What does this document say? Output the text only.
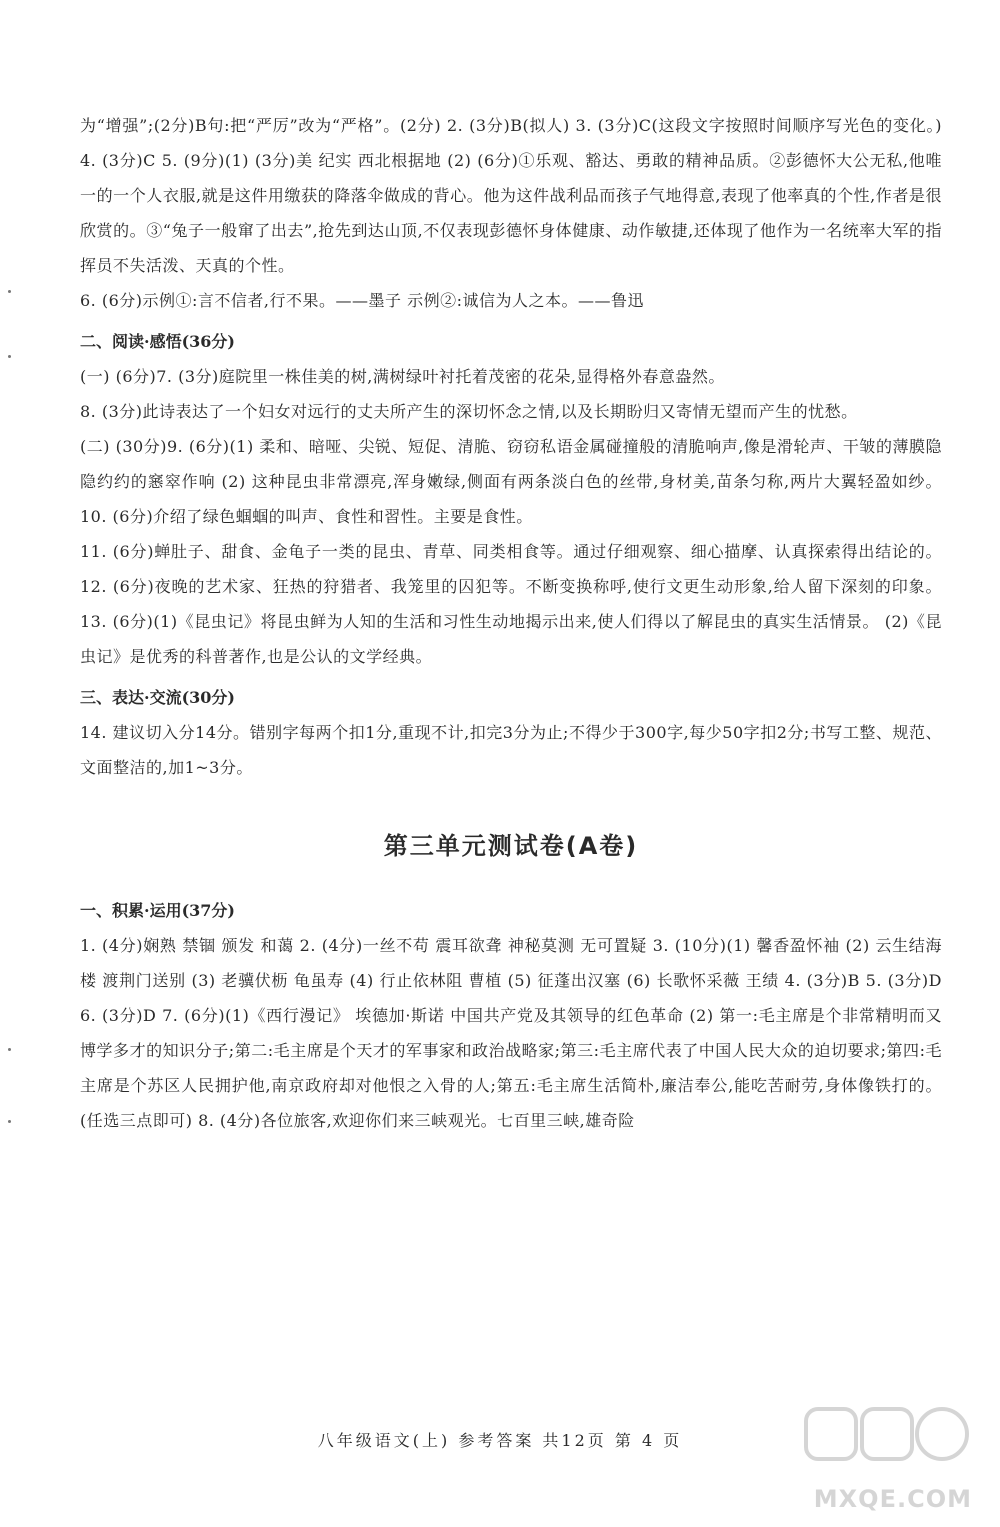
为“增强”;(2分)B句:把“严厉”改为“严格”。(2分) 2. (3分)B(拟人) 3. (3分)C(这段文字按照时间顺序写光色的变化。) 4. (3分)C 5. (9分)(1) (3分)美 纪实 西北根据地 (2) (6分)①乐观、豁达、勇敢的精神品质。②彭德怀大公无私,他唯一的一个人衣服,就是这件用缴获的降落伞做成的背心。他为这件战利品而孩子气地得意,表现了他率真的个性,作者是很欣赏的。③“兔子一般窜了出去”,抢先到达山顶,不仅表现彭德怀身体健康、动作敏捷,还体现了他作为一名统率大军的指挥员不失活泼、天真的个性。

6. (6分)示例①:言不信者,行不果。——墨子 示例②:诚信为人之本。——鲁迅

二、阅读·感悟(36分)

(一) (6分)7. (3分)庭院里一株佳美的树,满树绿叶衬托着茂密的花朵,显得格外春意盎然。

8. (3分)此诗表达了一个妇女对远行的丈夫所产生的深切怀念之情,以及长期盼归又寄情无望而产生的忧愁。

(二) (30分)9. (6分)(1) 柔和、暗哑、尖锐、短促、清脆、窃窃私语金属碰撞般的清脆响声,像是滑轮声、干皱的薄膜隐隐约约的窸窣作响 (2) 这种昆虫非常漂亮,浑身嫩绿,侧面有两条淡白色的丝带,身材美,苗条匀称,两片大翼轻盈如纱。 10. (6分)介绍了绿色蝈蝈的叫声、食性和習性。主要是食性。

11. (6分)蝉肚子、甜食、金龟子一类的昆虫、青草、同类相食等。通过仔细观察、细心描摩、认真探索得出结论的。 12. (6分)夜晚的艺术家、狂热的狩猎者、我笼里的囚犯等。不断变换称呼,使行文更生动形象,给人留下深刻的印象。 13. (6分)(1)《昆虫记》将昆虫鲜为人知的生活和习性生动地揭示出来,使人们得以了解昆虫的真实生活情景。 (2)《昆虫记》是优秀的科普著作,也是公认的文学经典。

三、表达·交流(30分)

14. 建议切入分14分。错别字每两个扣1分,重现不计,扣完3分为止;不得少于300字,每少50字扣2分;书写工整、规范、文面整洁的,加1~3分。

第三单元测试卷(A卷)

一、积累·运用(37分)

1. (4分)娴熟 禁锢 颁发 和蔼 2. (4分)一丝不苟 震耳欲聋 神秘莫测 无可置疑 3. (10分)(1) 馨香盈怀袖 (2) 云生结海楼 渡荆门送别 (3) 老骥伏枥 龟虽寿 (4) 行止依林阻 曹植 (5) 征蓬出汉塞 (6) 长歌怀采薇 王绩 4. (3分)B 5. (3分)D 6. (3分)D 7. (6分)(1)《西行漫记》 埃德加·斯诺 中国共产党及其领导的红色革命 (2) 第一:毛主席是个非常精明而又博学多才的知识分子;第二:毛主席是个天才的军事家和政治战略家;第三:毛主席代表了中国人民大众的迫切要求;第四:毛主席是个苏区人民拥护他,南京政府却对他恨之入骨的人;第五:毛主席生活简朴,廉洁奉公,能吃苦耐劳,身体像铁打的。(任选三点即可) 8. (4分)各位旅客,欢迎你们来三峡观光。七百里三峡,雄奇险

八年级语文(上) 参考答案 共12页 第 4 页
MXQE.COM
